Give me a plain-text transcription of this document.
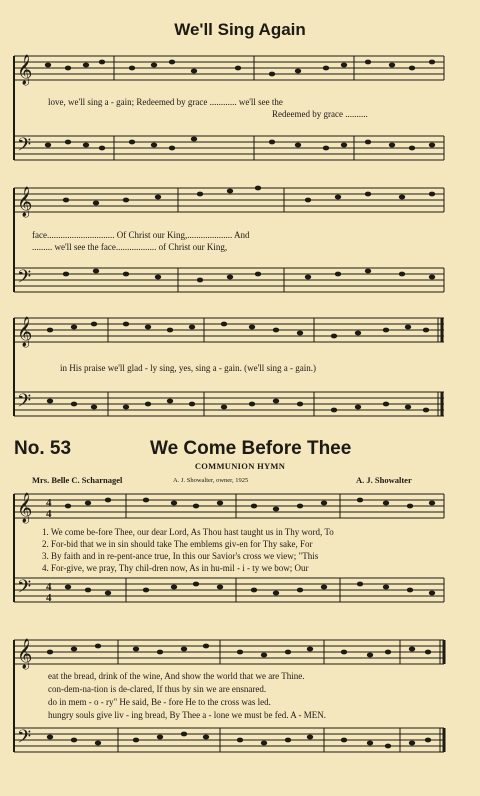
We'll Sing Again
𝄞
𝄢
love, we'll sing a - gain; Redeemed by grace ............ we'll see the
Redeemed by grace ..........
𝄞
𝄢
face.............................. Of Christ our King,.................... And
......... we'll see the face.................. of Christ our King,
𝄞
𝄢
in His praise we'll glad - ly sing, yes, sing a - gain. (we'll sing a - gain.)
No. 53	We Come Before Thee
COMMUNION HYMN
Mrs. Belle C. Scharnagel	A. J. Showalter, owner, 1925	A. J. Showalter
𝄞
𝄢
4
4
4
4
1. We come be-fore Thee, our dear Lord, As Thou hast taught us in Thy word, To
2. For-bid that we in sin should take The emblems giv-en for Thy sake, For
3. By faith and in re-pent-ance true, In this our Savior's cross we view; "This
4. For-give, we pray, Thy chil-dren now, As in hu-mil - i - ty we bow; Our
𝄞
𝄢
eat the bread, drink of the wine, And show the world that we are Thine.
con-dem-na-tion is de-clared, If thus by sin we are ensnared.
do in mem - o - ry" He said, Be - fore He to the cross was led.
hungry souls give liv - ing bread, By Thee a - lone we must be fed. A - MEN.
